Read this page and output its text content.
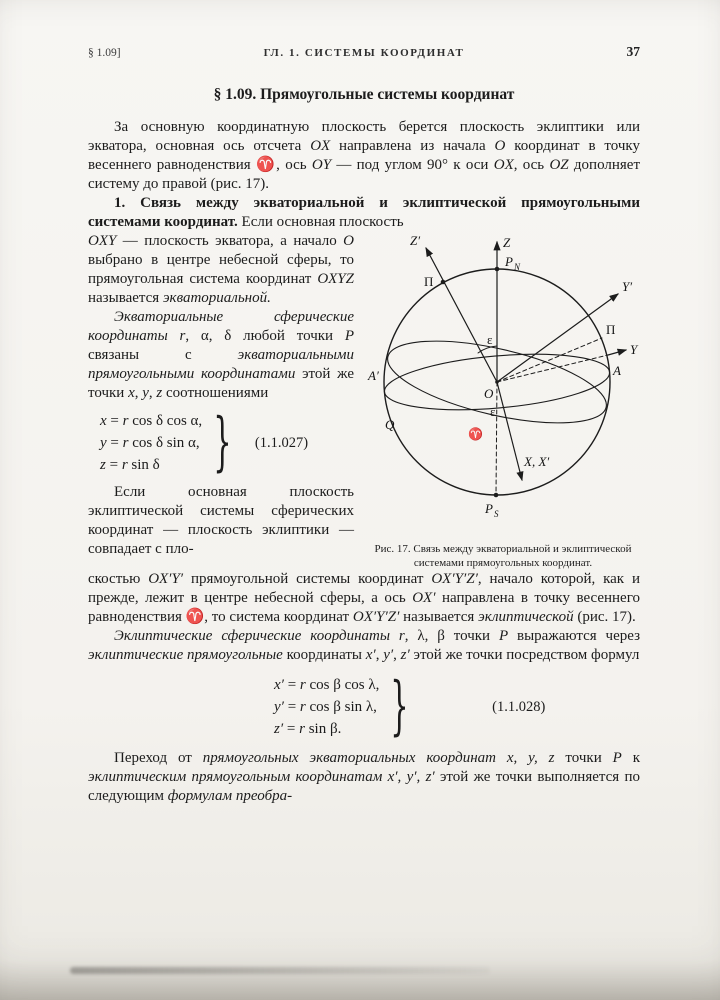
§ 1.09]	ГЛ. 1. СИСТЕМЫ КООРДИНАТ	37
§ 1.09. Прямоугольные системы координат

За основную координатную плоскость берется плоскость эклиптики или экватора, основная ось отсчета OX направлена из начала O координат в точку весеннего равноденствия ♈, ось OY — под углом 90° к оси OX, ось OZ дополняет систему до правой (рис. 17).

1. Связь между экваториальной и эклиптической прямоугольными системами координат. Если основная плоскость

OXY — плоскость экватора, а начало O выбрано в центре небесной сферы, то прямоугольная система координат OXYZ называется экваториальной.

Экваториальные сферические координаты r, α, δ любой точки P связаны с экваториальными прямоугольными координатами этой же точки x, y, z соотношениями

x = r cos δ cos α,
y = r cos δ sin α,
z = r sin δ } (1.1.027)

Если основная плоскость эклиптической системы сферических координат — плоскость эклиптики — совпадает с пло-

Z
Z′
P N
Y′
Y
Π
Π
A
A′
O
Q
ε
ε
♈
X, X′
P S
Рис. 17. Связь между экваториальной и эклиптической системами прямоугольных координат.

скостью OX′Y′ прямоугольной системы координат OX′Y′Z′, начало которой, как и прежде, лежит в центре небесной сферы, а ось OX′ направлена в точку весеннего равноденствия ♈, то система координат OX′Y′Z′ называется эклиптической (рис. 17).

Эклиптические сферические координаты r, λ, β точки P выражаются через эклиптические прямоугольные координаты x′, y′, z′ этой же точки посредством формул

x′ = r cos β cos λ,
y′ = r cos β sin λ,
z′ = r sin β. }	(1.1.028)

Переход от прямоугольных экваториальных координат x, y, z точки P к эклиптическим прямоугольным координатам x′, y′, z′ этой же точки выполняется по следующим формулам преобра-
